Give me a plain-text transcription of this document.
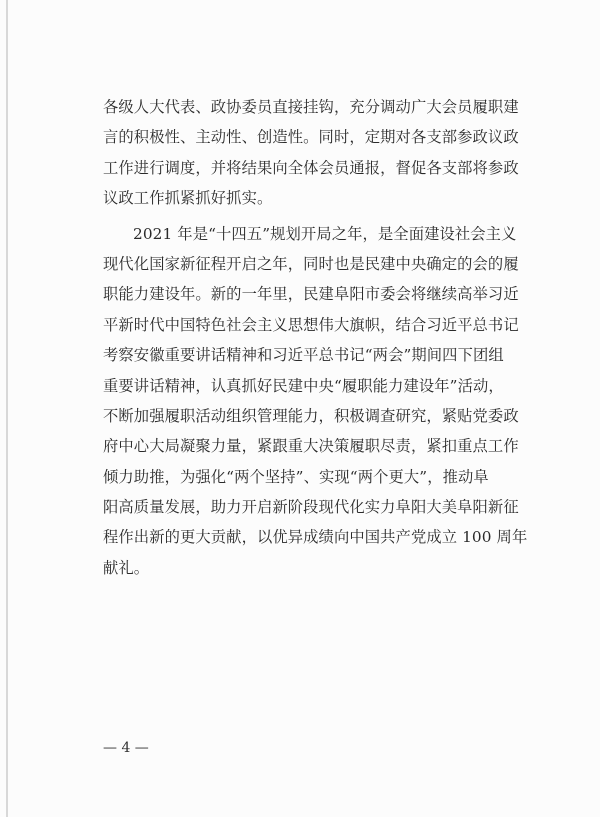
各级人大代表、政协委员直接挂钩，充分调动广大会员履职建
言的积极性、主动性、创造性。同时，定期对各支部参政议政
工作进行调度，并将结果向全体会员通报，督促各支部将参政
议政工作抓紧抓好抓实。
2021 年是“十四五”规划开局之年，是全面建设社会主义
现代化国家新征程开启之年，同时也是民建中央确定的会的履
职能力建设年。新的一年里，民建阜阳市委会将继续高举习近
平新时代中国特色社会主义思想伟大旗帜，结合习近平总书记
考察安徽重要讲话精神和习近平总书记“两会”期间四下团组
重要讲话精神，认真抓好民建中央“履职能力建设年”活动，
不断加强履职活动组织管理能力，积极调查研究，紧贴党委政
府中心大局凝聚力量，紧跟重大决策履职尽责，紧扣重点工作
倾力助推，为强化“两个坚持”、实现“两个更大”，推动阜
阳高质量发展，助力开启新阶段现代化实力阜阳大美阜阳新征
程作出新的更大贡献，以优异成绩向中国共产党成立 100 周年
献礼。
— 4 —
